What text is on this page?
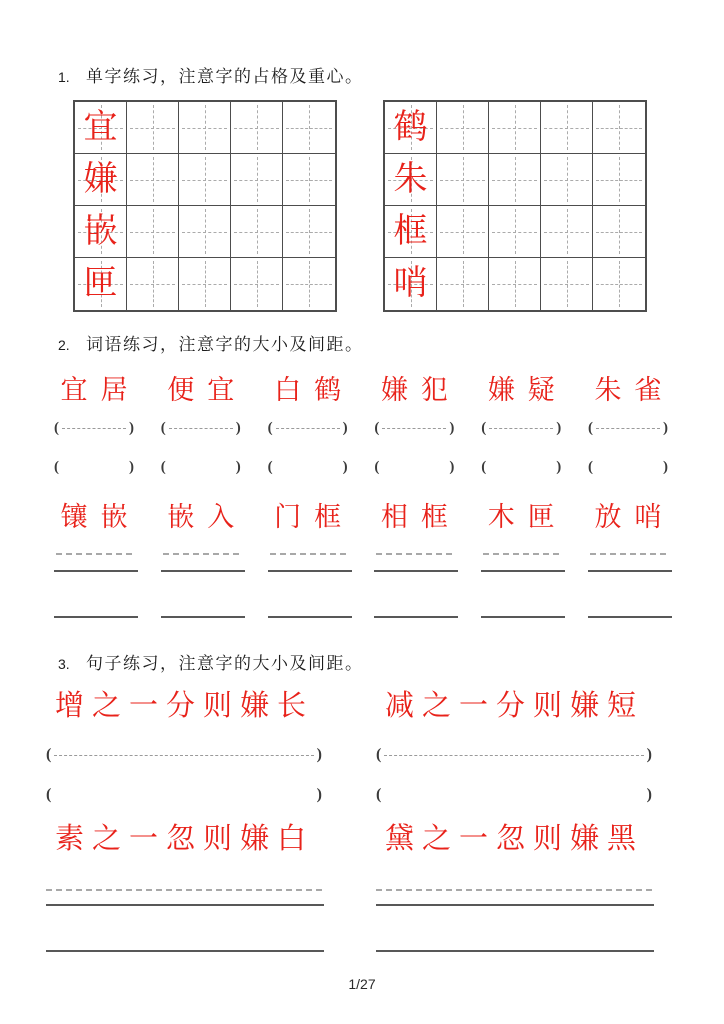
1. 单字练习，注意字的占格及重心。
宜
嫌
嵌
匣
鹤
朱
框
哨
2. 词语练习，注意字的大小及间距。
宜居 便宜 白鹤 嫌犯 嫌疑 朱雀
(	) (	) (	) (	) (	) (	)
(	) (	) (	) (	) (	) (	)
镶嵌 嵌入 门框 相框 木匣 放哨
3. 句子练习，注意字的大小及间距。
增之一分则嫌长	减之一分则嫌短
(	)	(	)
(	)	(	)
素之一忽则嫌白	黛之一忽则嫌黑
1/27
